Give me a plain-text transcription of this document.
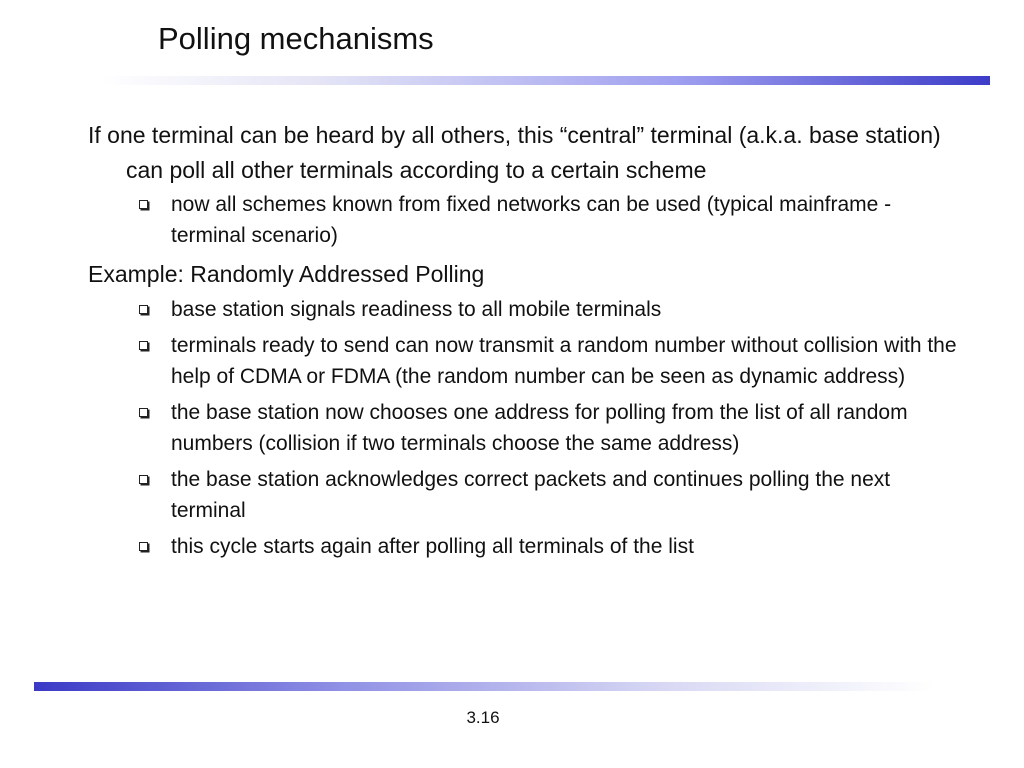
Polling mechanisms
If one terminal can be heard by all others, this “central” terminal (a.k.a. base station) can poll all other terminals according to a certain scheme
now all schemes known from fixed networks can be used (typical mainframe - terminal scenario)
Example: Randomly Addressed Polling
base station signals readiness to all mobile terminals
terminals ready to send can now transmit a random number without collision with the help of CDMA or FDMA (the random number can be seen as dynamic address)
the base station now chooses one address for polling from the list of all random numbers (collision if two terminals choose the same address)
the base station acknowledges correct packets and continues polling the next terminal
this cycle starts again after polling all terminals of the list
3.16
